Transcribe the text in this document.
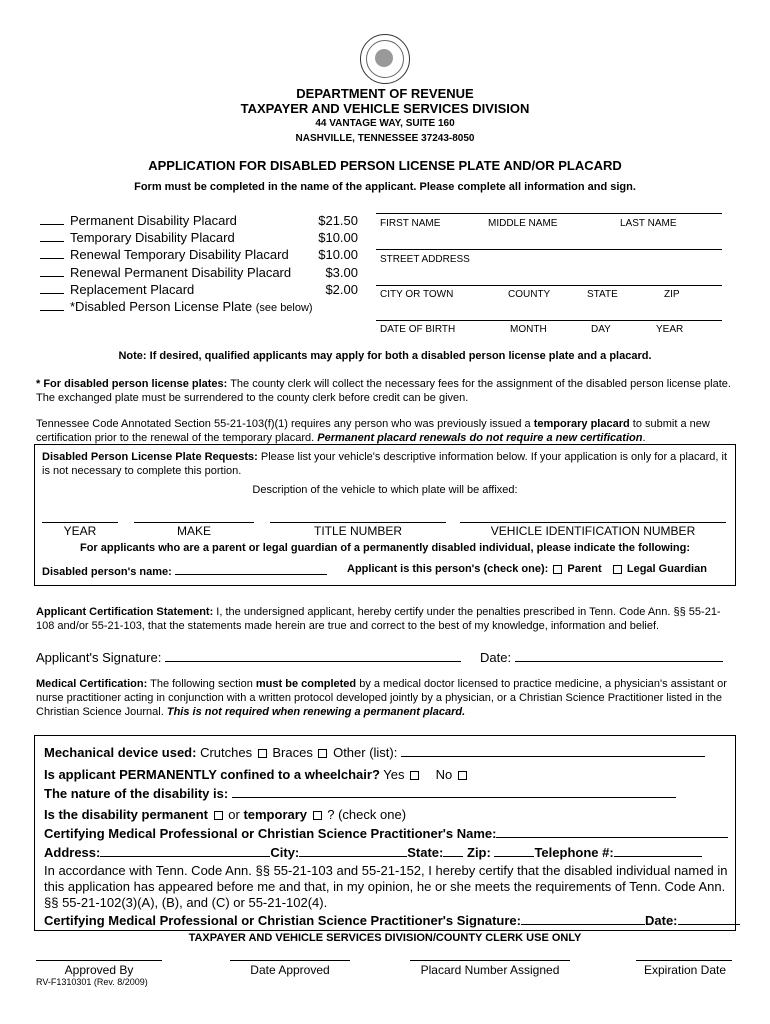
DEPARTMENT OF REVENUE
TAXPAYER AND VEHICLE SERVICES DIVISION
44 VANTAGE WAY, SUITE 160
NASHVILLE, TENNESSEE 37243-8050
APPLICATION FOR DISABLED PERSON LICENSE PLATE AND/OR PLACARD
Form must be completed in the name of the applicant. Please complete all information and sign.
Permanent Disability Placard	$21.50
Temporary Disability Placard	$10.00
Renewal Temporary Disability Placard	$10.00
Renewal Permanent Disability Placard	$3.00
Replacement Placard	$2.00
*Disabled Person License Plate (see below)
FIRST NAME	MIDDLE NAME	LAST NAME
STREET ADDRESS
CITY OR TOWN	COUNTY	STATE	ZIP
DATE OF BIRTH	MONTH	DAY	YEAR
Note: If desired, qualified applicants may apply for both a disabled person license plate and a placard.
* For disabled person license plates: The county clerk will collect the necessary fees for the assignment of the disabled person license plate. The exchanged plate must be surrendered to the county clerk before credit can be given.
Tennessee Code Annotated Section 55-21-103(f)(1) requires any person who was previously issued a temporary placard to submit a new certification prior to the renewal of the temporary placard. Permanent placard renewals do not require a new certification.
Disabled Person License Plate Requests: Please list your vehicle's descriptive information below. If your application is only for a placard, it is not necessary to complete this portion.
Description of the vehicle to which plate will be affixed:
YEAR	MAKE	TITLE NUMBER	VEHICLE IDENTIFICATION NUMBER
For applicants who are a parent or legal guardian of a permanently disabled individual, please indicate the following:
Disabled person's name:	Applicant is this person's (check one): Parent Legal Guardian
Applicant Certification Statement: I, the undersigned applicant, hereby certify under the penalties prescribed in Tenn. Code Ann. §§ 55-21-108 and/or 55-21-103, that the statements made herein are true and correct to the best of my knowledge, information and belief.
Applicant's Signature:	Date:
Medical Certification: The following section must be completed by a medical doctor licensed to practice medicine, a physician's assistant or nurse practitioner acting in conjunction with a written protocol developed jointly by a physician, or a Christian Science Practitioner listed in the Christian Science Journal. This is not required when renewing a permanent placard.
Mechanical device used: Crutches Braces Other (list):
Is applicant PERMANENTLY confined to a wheelchair? Yes No
The nature of the disability is:
Is the disability permanent or temporary ? (check one)
Certifying Medical Professional or Christian Science Practitioner's Name:
Address:	City:	State: Zip:	Telephone #:
In accordance with Tenn. Code Ann. §§ 55-21-103 and 55-21-152, I hereby certify that the disabled individual named in this application has appeared before me and that, in my opinion, he or she meets the requirements of Tenn. Code Ann. §§ 55-21-102(3)(A), (B), and (C) or 55-21-102(4).
Certifying Medical Professional or Christian Science Practitioner's Signature:	Date:
TAXPAYER AND VEHICLE SERVICES DIVISION/COUNTY CLERK USE ONLY
Approved By	Date Approved	Placard Number Assigned	Expiration Date
RV-F1310301 (Rev. 8/2009)
